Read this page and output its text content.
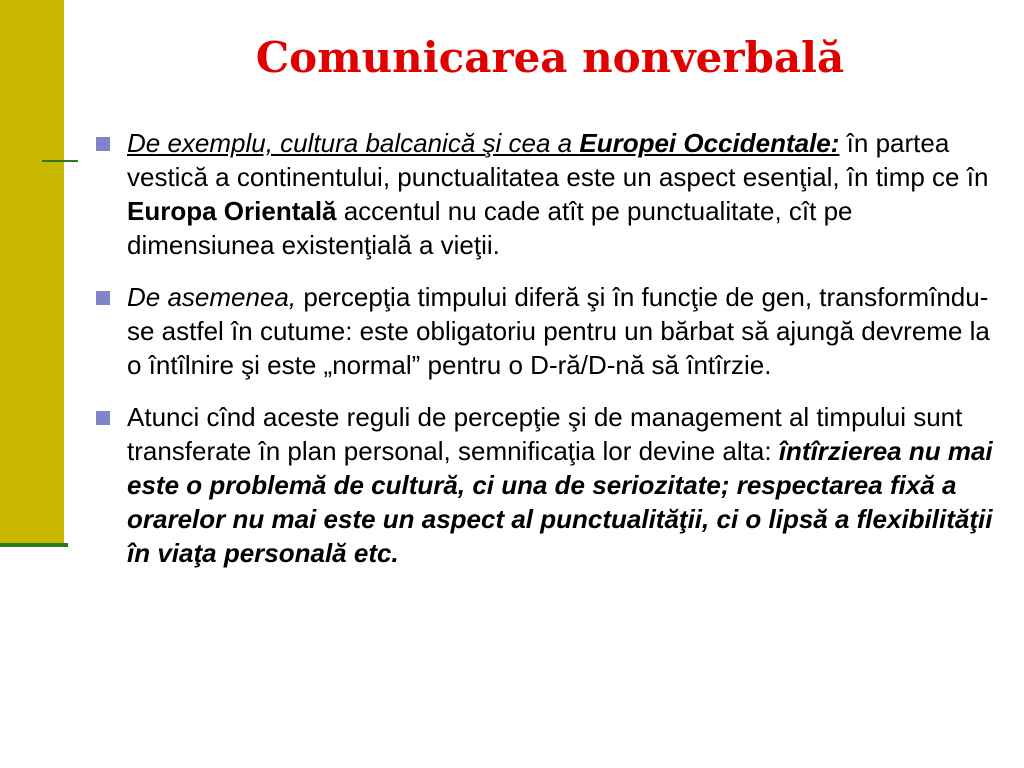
Comunicarea nonverbală
De exemplu, cultura balcanică şi cea a Europei Occidentale: în partea vestică a continentului, punctualitatea este un aspect esenţial, în timp ce în Europa Orientală accentul nu cade atît pe punctualitate, cît pe dimensiunea existenţială a vieţii.
De asemenea, percepţia timpului diferă şi în funcţie de gen, transformîndu-se astfel în cutume: este obligatoriu pentru un bărbat să ajungă devreme la o întîlnire şi este „normal” pentru o D-ră/D-nă să întîrzie.
Atunci cînd aceste reguli de percepţie şi de management al timpului sunt transferate în plan personal, semnificaţia lor devine alta: întîrzierea nu mai este o problemă de cultură, ci una de seriozitate; respectarea fixă a orarelor nu mai este un aspect al punctualităţii, ci o lipsă a flexibilităţii în viaţa personală etc.
